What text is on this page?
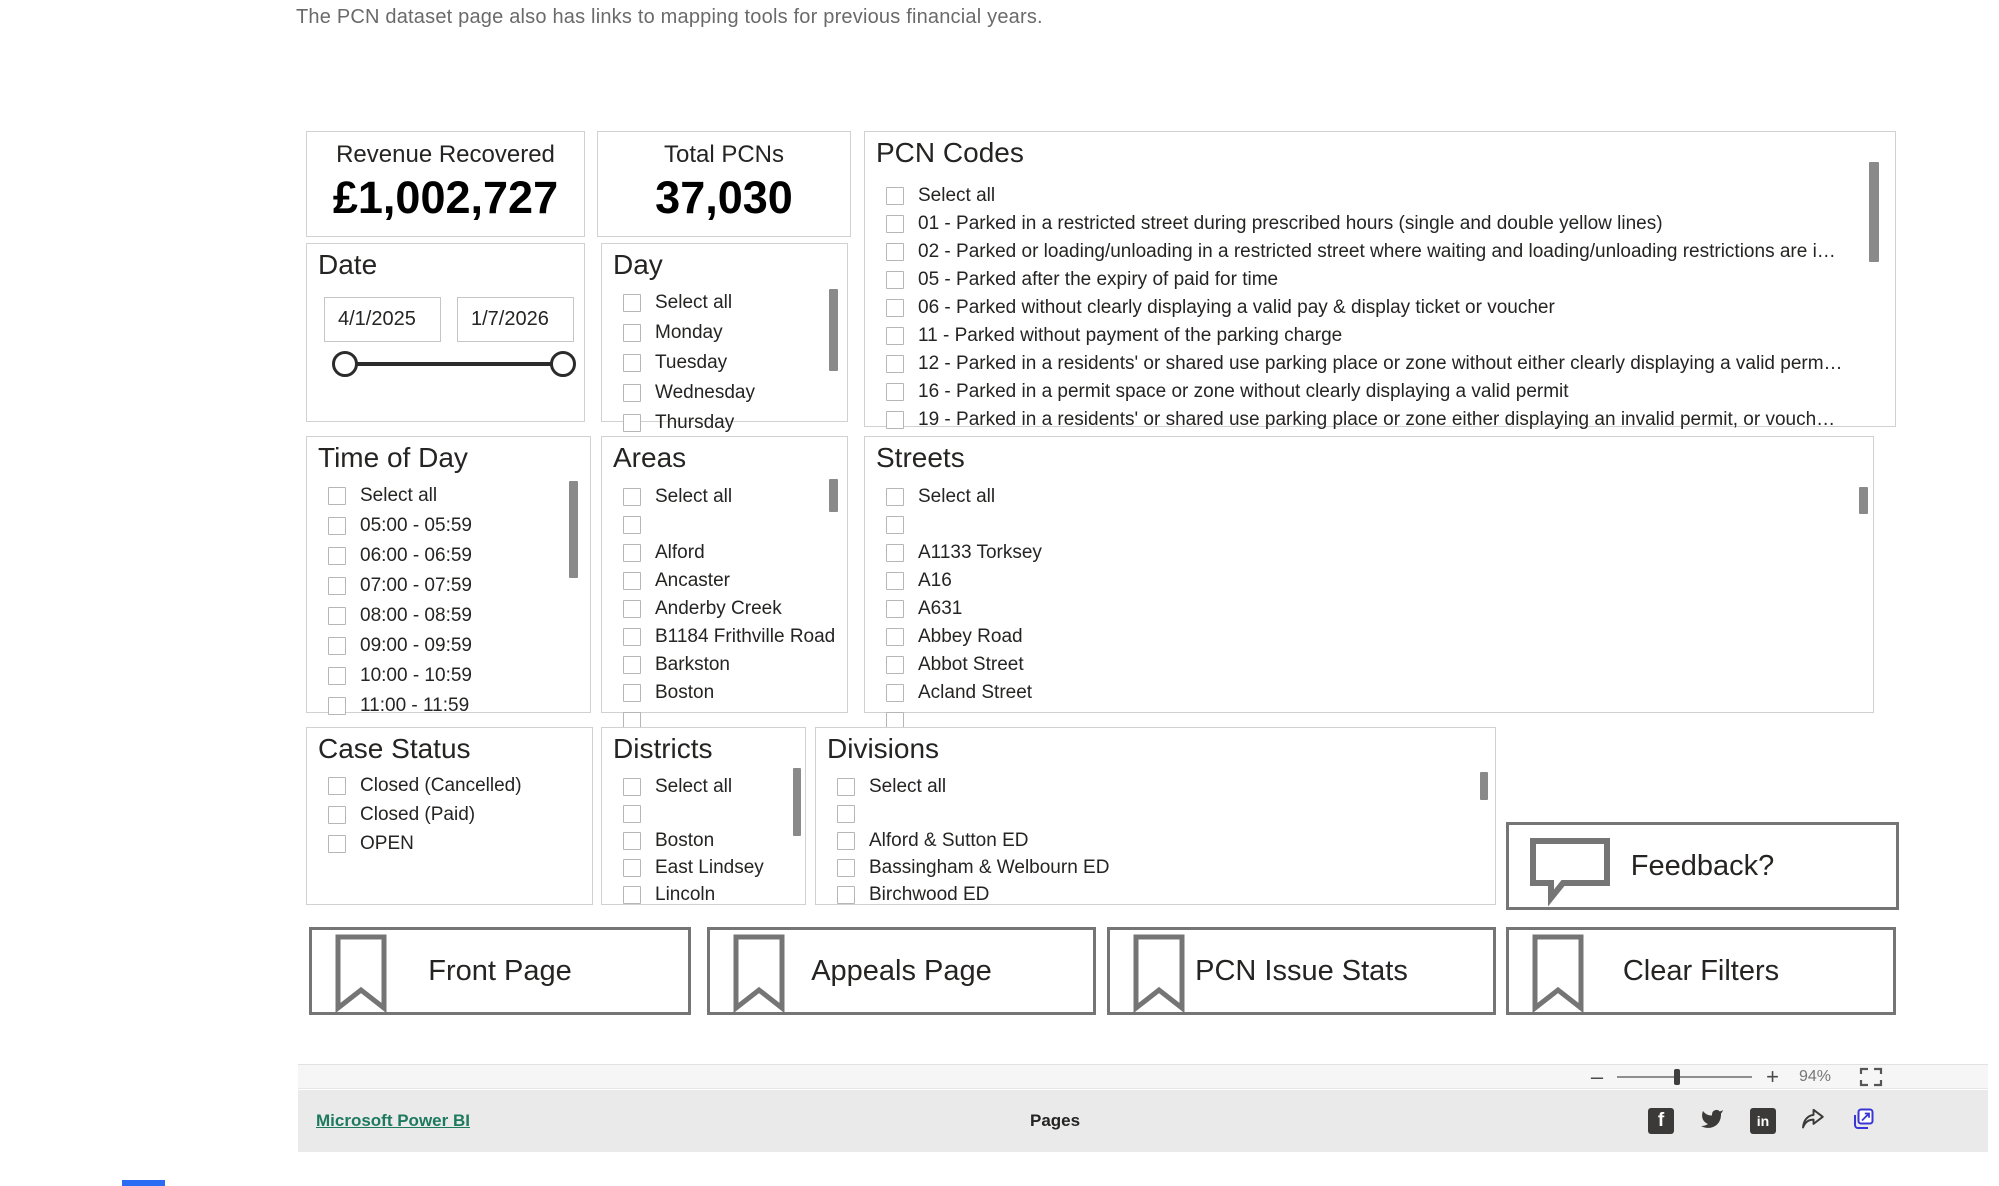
The PCN dataset page also has links to mapping tools for previous financial years.
Revenue Recovered
£1,002,727
Total PCNs
37,030
PCN Codes
Select all
01 - Parked in a restricted street during prescribed hours (single and double yellow lines)
02 - Parked or loading/unloading in a restricted street where waiting and loading/unloading restrictions are i…
05 - Parked after the expiry of paid for time
06 - Parked without clearly displaying a valid pay & display ticket or voucher
11 - Parked without payment of the parking charge
12 - Parked in a residents' or shared use parking place or zone without either clearly displaying a valid perm…
16 - Parked in a permit space or zone without clearly displaying a valid permit
19 - Parked in a residents' or shared use parking place or zone either displaying an invalid permit, or vouch…
Date
4/1/2025
1/7/2026	Day
Select all
Monday
Tuesday
Wednesday
Thursday
Time of Day
Select all
05:00 - 05:59
06:00 - 06:59
07:00 - 07:59
08:00 - 08:59
09:00 - 09:59
10:00 - 10:59
11:00 - 11:59
Areas
Select all
Alford
Ancaster
Anderby Creek
B1184 Frithville Road
Barkston
Boston
Streets
Select all
A1133 Torksey
A16
A631
Abbey Road
Abbot Street
Acland Street
Case Status
Closed (Cancelled)
Closed (Paid)
OPEN
Districts
Select all
Boston
East Lindsey
Lincoln
Divisions
Select all
Alford & Sutton ED
Bassingham & Welbourn ED
Birchwood ED
Feedback?
Front Page	Appeals Page	PCN Issue Stats	Clear Filters
–	+ 94%
Microsoft Power BI	Pages	f	in
